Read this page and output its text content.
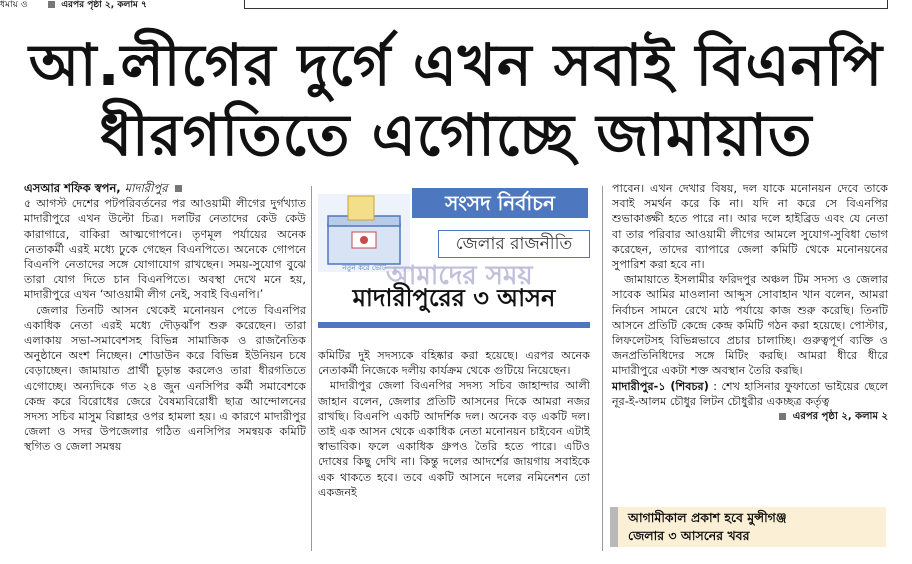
ধমায় ও	এরপর পৃষ্ঠা ২, কলাম ৭
আ.লীগের দুর্গে এখন সবাই বিএনপি
ধীরগতিতে এগোচ্ছে জামায়াত

এসআর শফিক স্বপন, মাদারীপুর

৫ আগস্ট দেশের পটপরিবর্তনের পর আওয়ামী লীগের দুর্গখ্যাত মাদারীপুরে এখন উল্টো চিত্র। দলটির নেতাদের কেউ কেউ কারাগারে, বাকিরা আত্মগোপনে। তৃণমূল পর্যায়ের অনেক নেতাকর্মী এরই মধ্যে ঢুকে গেছেন বিএনপিতে। অনেকে গোপনে বিএনপি নেতাদের সঙ্গে যোগাযোগ রাখছেন। সময়-সুযোগ বুঝে তারা যোগ দিতে চান বিএনপিতে। অবস্থা দেখে মনে হয়, মাদারীপুরে এখন ‘আওয়ামী লীগ নেই, সবাই বিএনপি।’

জেলার তিনটি আসন থেকেই মনোনয়ন পেতে বিএনপির একাধিক নেতা এরই মধ্যে দৌড়ঝাঁপ শুরু করেছেন। তারা এলাকায় সভা-সমাবেশসহ বিভিন্ন সামাজিক ও রাজনৈতিক অনুষ্ঠানে অংশ নিচ্ছেন। শোডাউন করে বিভিন্ন ইউনিয়ন চষে বেড়াচ্ছেন। জামায়াত প্রার্থী চূড়ান্ত করলেও তারা ধীরগতিতে এগোচ্ছে। অন্যদিকে গত ২৪ জুন এনসিপির কর্মী সমাবেশকে কেন্দ্র করে বিরোধের জেরে বৈষম্যবিরোধী ছাত্র আন্দোলনের সদস্য সচিব মাসুম বিল্লাহর ওপর হামলা হয়। এ কারণে মাদারীপুর জেলা ও সদর উপজেলার গঠিত এনসিপির সমন্বয়ক কমিটি স্থগিত ও জেলা সমন্বয়

নতুন করে ভোট
সংসদ নির্বাচন
জেলার রাজনীতি
আমাদের সময়
মাদারীপুরের ৩ আসন

কমিটির দুই সদস্যকে বহিষ্কার করা হয়েছে। এরপর অনেক নেতাকর্মী নিজেকে দলীয় কার্যক্রম থেকে গুটিয়ে নিয়েছেন।

মাদারীপুর জেলা বিএনপির সদস্য সচিব জাহান্দার আলী জাহান বলেন, জেলার প্রতিটি আসনের দিকে আমরা নজর রাখছি। বিএনপি একটি আদর্শিক দল। অনেক বড় একটি দল। তাই এক আসন থেকে একাধিক নেতা মনোনয়ন চাইবেন এটাই স্বাভাবিক। ফলে একাধিক গ্রুপও তৈরি হতে পারে। এটিও দোষের কিছু দেখি না। কিন্তু দলের আদর্শের জায়গায় সবাইকে এক থাকতে হবে। তবে একটি আসনে দলের নমিনেশন তো একজনই

পাবেন। এখন দেখার বিষয়, দল যাকে মনোনয়ন দেবে তাকে সবাই সমর্থন করে কি না। যদি না করে সে বিএনপির শুভাকাঙ্ক্ষী হতে পারে না। আর দলে হাইব্রিড এবং যে নেতা বা তার পরিবার আওয়ামী লীগের আমলে সুযোগ-সুবিধা ভোগ করেছেন, তাদের ব্যাপারে জেলা কমিটি থেকে মনোনয়নের সুপারিশ করা হবে না।

জামায়াতে ইসলামীর ফরিদপুর অঞ্চল টিম সদস্য ও জেলার সাবেক আমির মাওলানা আব্দুস সোবাহান খান বলেন, আমরা নির্বাচন সামনে রেখে মাঠ পর্যায়ে কাজ শুরু করেছি। তিনটি আসনে প্রতিটি কেন্দ্রে কেন্দ্র কমিটি গঠন করা হয়েছে। পোস্টার, লিফলেটসহ বিভিন্নভাবে প্রচার চালাচ্ছি। গুরুত্বপূর্ণ ব্যক্তি ও জনপ্রতিনিধিদের সঙ্গে মিটিং করছি। আমরা ধীরে ধীরে মাদারীপুরে একটা শক্ত অবস্থান তৈরি করছি।

মাদারীপুর-১ (শিবচর) : শেখ হাসিনার ফুফাতো ভাইয়ের ছেলে নূর-ই-আলম চৌধুর লিটন চৌধুরীর একচ্ছত্র কর্তৃত্ব

এরপর পৃষ্ঠা ২, কলাম ২

আগামীকাল প্রকাশ হবে মুন্সীগঞ্জ
জেলার ৩ আসনের খবর
